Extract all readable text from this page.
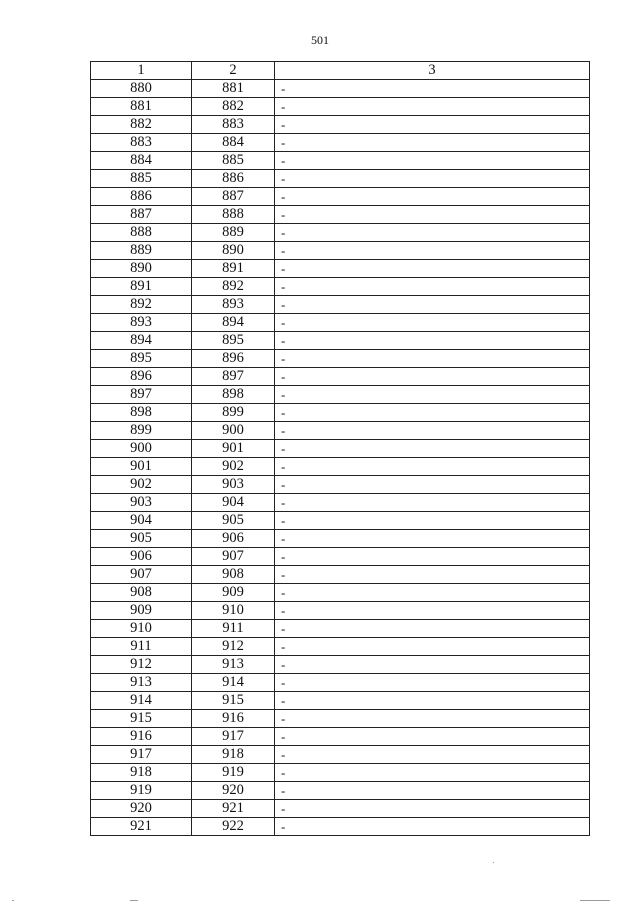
501
1	2	3
880	881	-
881	882	-
882	883	-
883	884	-
884	885	-
885	886	-
886	887	-
887	888	-
888	889	-
889	890	-
890	891	-
891	892	-
892	893	-
893	894	-
894	895	-
895	896	-
896	897	-
897	898	-
898	899	-
899	900	-
900	901	-
901	902	-
902	903	-
903	904	-
904	905	-
905	906	-
906	907	-
907	908	-
908	909	-
909	910	-
910	911	-
911	912	-
912	913	-
913	914	-
914	915	-
915	916	-
916	917	-
917	918	-
918	919	-
919	920	-
920	921	-
921	922	-
